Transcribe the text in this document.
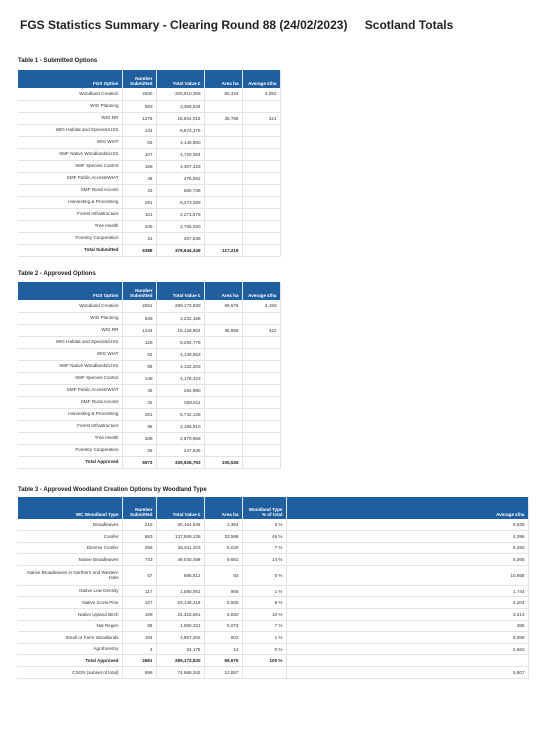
FGS Statistics Summary - Clearing Round 88 (24/02/2023) Scotland Totals
Table 1 - Submitted Options
FGS Option	Number Submitted	Total Value £	Area ha	Average £/ha
Woodland Creation	2920	325,910,359	80,434	4,052
WIG Planning	683	3,369,634		
WIG RR	1275	15,504,016	36,786	421
WIG Habitat and Species/LISS	134	8,572,376		
WIG WIAT	63	4,145,860		
SMF Native Woodlands/LISS	107	4,720,064		
SMF Species Control	156	4,307,423		
SMF Public Access/WIAT	48	276,692		
SMF Rural Access	33	560,736		
Harvesting & Processing	291	6,273,059		
Forest Infrastructure	101	2,271,575		
Tree Health	346	2,765,020		
Forestry Cooperation	31	267,635		
Total Submitted	6388	378,944,449	117,219	
Table 2 - Approved Options
FGS Option	Number Submitted	Total Value £	Area ha	Average £/ha
Woodland Creation	2661	289,173,830	69,675	4,150
WIG Planning	636	3,231,156		
WIG RR	1244	15,128,904	35,859	422
WIG Habitat and Species/LISS	126	8,284,775		
WIG WIAT	62	4,139,853		
SMF Native Woodlands/LISS	96	4,132,203		
SMF Species Control	148	4,178,423		
SMF Public Access/WIAT	46	264,990		
SMF Rural Access	32	538,811		
Harvesting & Processing	261	5,742,135		
Forest Infrastructure	96	2,185,910		
Tree Health	336	2,679,968		
Forestry Cooperation	29	247,835		
Total Approved	5973	339,928,793	105,535	
Table 3 - Approved Woodland Creation Options by Woodland Type
WC Woodland Type	Number Submitted	Total Value £	Area ha	Woodland Type % of total	Average £/ha
Broadleaves	215	20,164,648	2,364	3 %	8,529
Conifer	683	137,569,138	33,588	48 %	4,096
Diverse Conifer	256	26,611,203	5,029	7 %	5,292
Native Broadleaves	743	49,040,489	9,682	14 %	5,065
Native Broadleaves in Northern and Western Isles	57	895,812	83	0 %	10,858
Native Low Density	117	1,580,061	906	1 %	1,744
Native Scots Pine	127	23,145,219	5,505	8 %	4,204
Native Upland Birch	199	23,315,561	6,830	10 %	3,414
Nat Regen	66	1,960,321	5,073	7 %	386
Small or Farm Woodlands	194	4,857,202	602	1 %	8,068
Agroforestry	4	34,175	13	0 %	2,562
Total Approved	2661	289,173,830	69,675	100 %	
CSGN (subset of total)	698	74,666,342	12,857		5,807
